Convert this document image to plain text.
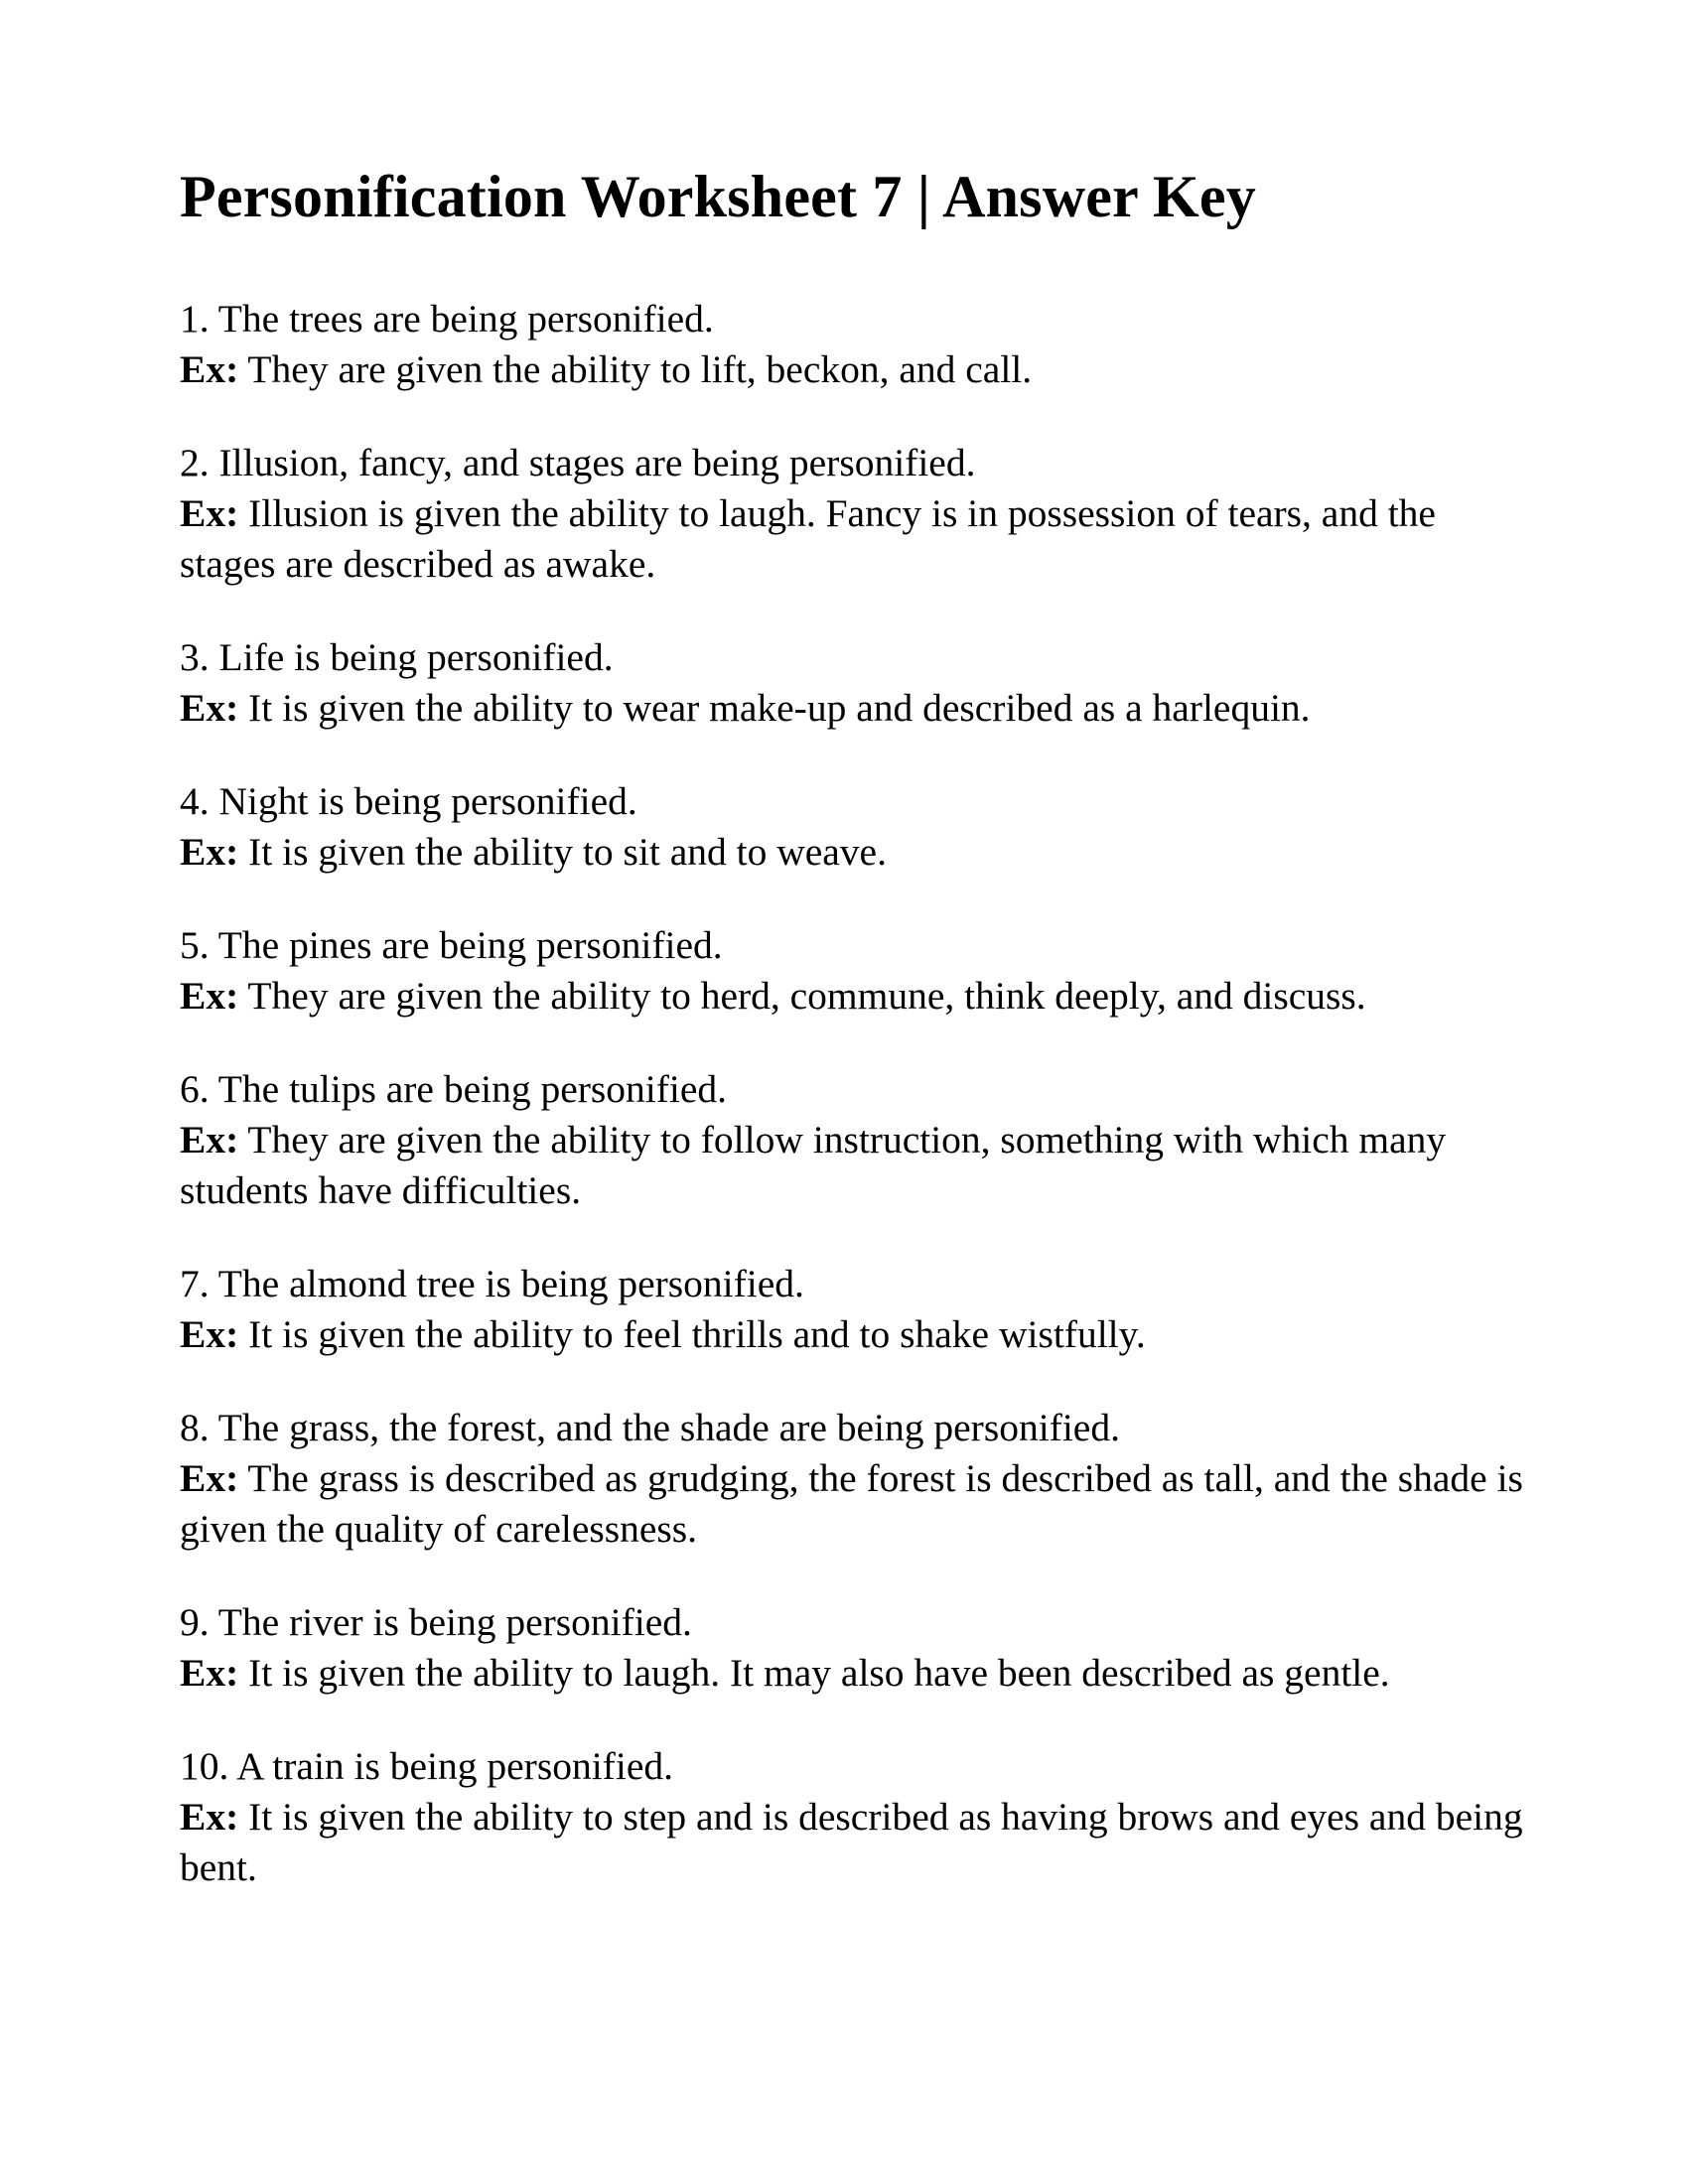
Personification Worksheet 7 | Answer Key

1. The trees are being personified.

Ex: They are given the ability to lift, beckon, and call.

2. Illusion, fancy, and stages are being personified.

Ex: Illusion is given the ability to laugh. Fancy is in possession of tears, and the stages are described as awake.

3. Life is being personified.

Ex: It is given the ability to wear make-up and described as a harlequin.

4. Night is being personified.

Ex: It is given the ability to sit and to weave.

5. The pines are being personified.

Ex: They are given the ability to herd, commune, think deeply, and discuss.

6. The tulips are being personified.

Ex: They are given the ability to follow instruction, something with which many students have difficulties.

7. The almond tree is being personified.

Ex: It is given the ability to feel thrills and to shake wistfully.

8. The grass, the forest, and the shade are being personified.

Ex: The grass is described as grudging, the forest is described as tall, and the shade is given the quality of carelessness.

9. The river is being personified.

Ex: It is given the ability to laugh. It may also have been described as gentle.

10. A train is being personified.

Ex: It is given the ability to step and is described as having brows and eyes and being bent.
